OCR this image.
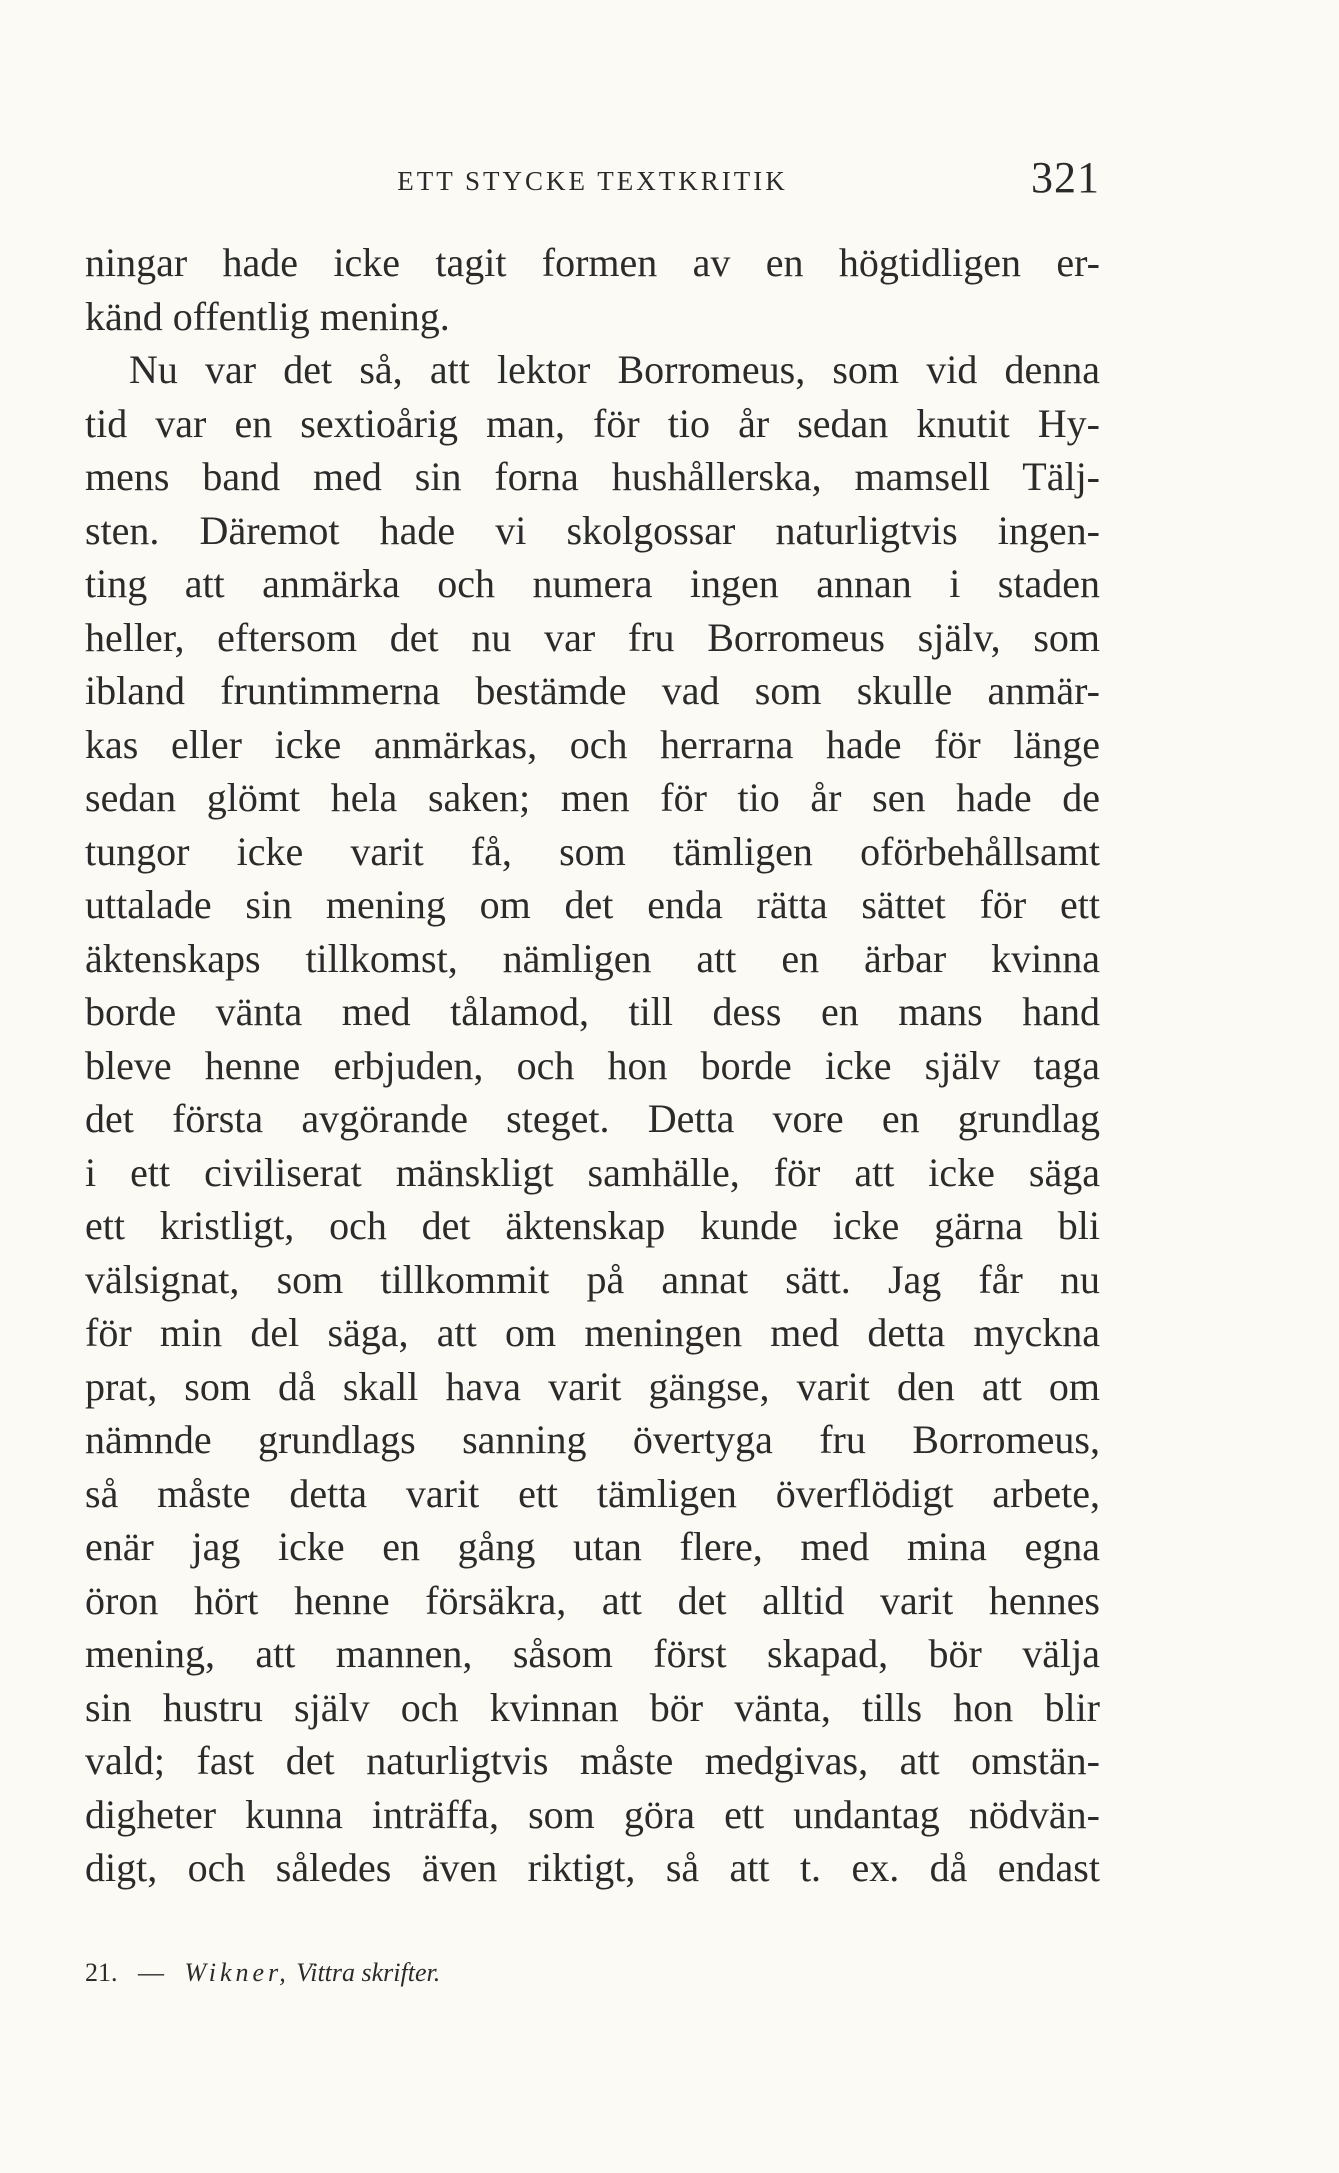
ETT STYCKE TEXTKRITIK	321
ningar hade icke tagit formen av en högtidligen er-
känd offentlig mening.
Nu var det så, att lektor Borromeus, som vid denna
tid var en sextioårig man, för tio år sedan knutit Hy-
mens band med sin forna hushållerska, mamsell Tälj-
sten. Däremot hade vi skolgossar naturligtvis ingen-
ting att anmärka och numera ingen annan i staden
heller, eftersom det nu var fru Borromeus själv, som
ibland fruntimmerna bestämde vad som skulle anmär-
kas eller icke anmärkas, och herrarna hade för länge
sedan glömt hela saken; men för tio år sen hade de
tungor icke varit få, som tämligen oförbehållsamt
uttalade sin mening om det enda rätta sättet för ett
äktenskaps tillkomst, nämligen att en ärbar kvinna
borde vänta med tålamod, till dess en mans hand
bleve henne erbjuden, och hon borde icke själv taga
det första avgörande steget. Detta vore en grundlag
i ett civiliserat mänskligt samhälle, för att icke säga
ett kristligt, och det äktenskap kunde icke gärna bli
välsignat, som tillkommit på annat sätt. Jag får nu
för min del säga, att om meningen med detta myckna
prat, som då skall hava varit gängse, varit den att om
nämnde grundlags sanning övertyga fru Borromeus,
så måste detta varit ett tämligen överflödigt arbete,
enär jag icke en gång utan flere, med mina egna
öron hört henne försäkra, att det alltid varit hennes
mening, att mannen, såsom först skapad, bör välja
sin hustru själv och kvinnan bör vänta, tills hon blir
vald; fast det naturligtvis måste medgivas, att omstän-
digheter kunna inträffa, som göra ett undantag nödvän-
digt, och således även riktigt, så att t. ex. då endast
21. — Wikner, Vittra skrifter.
